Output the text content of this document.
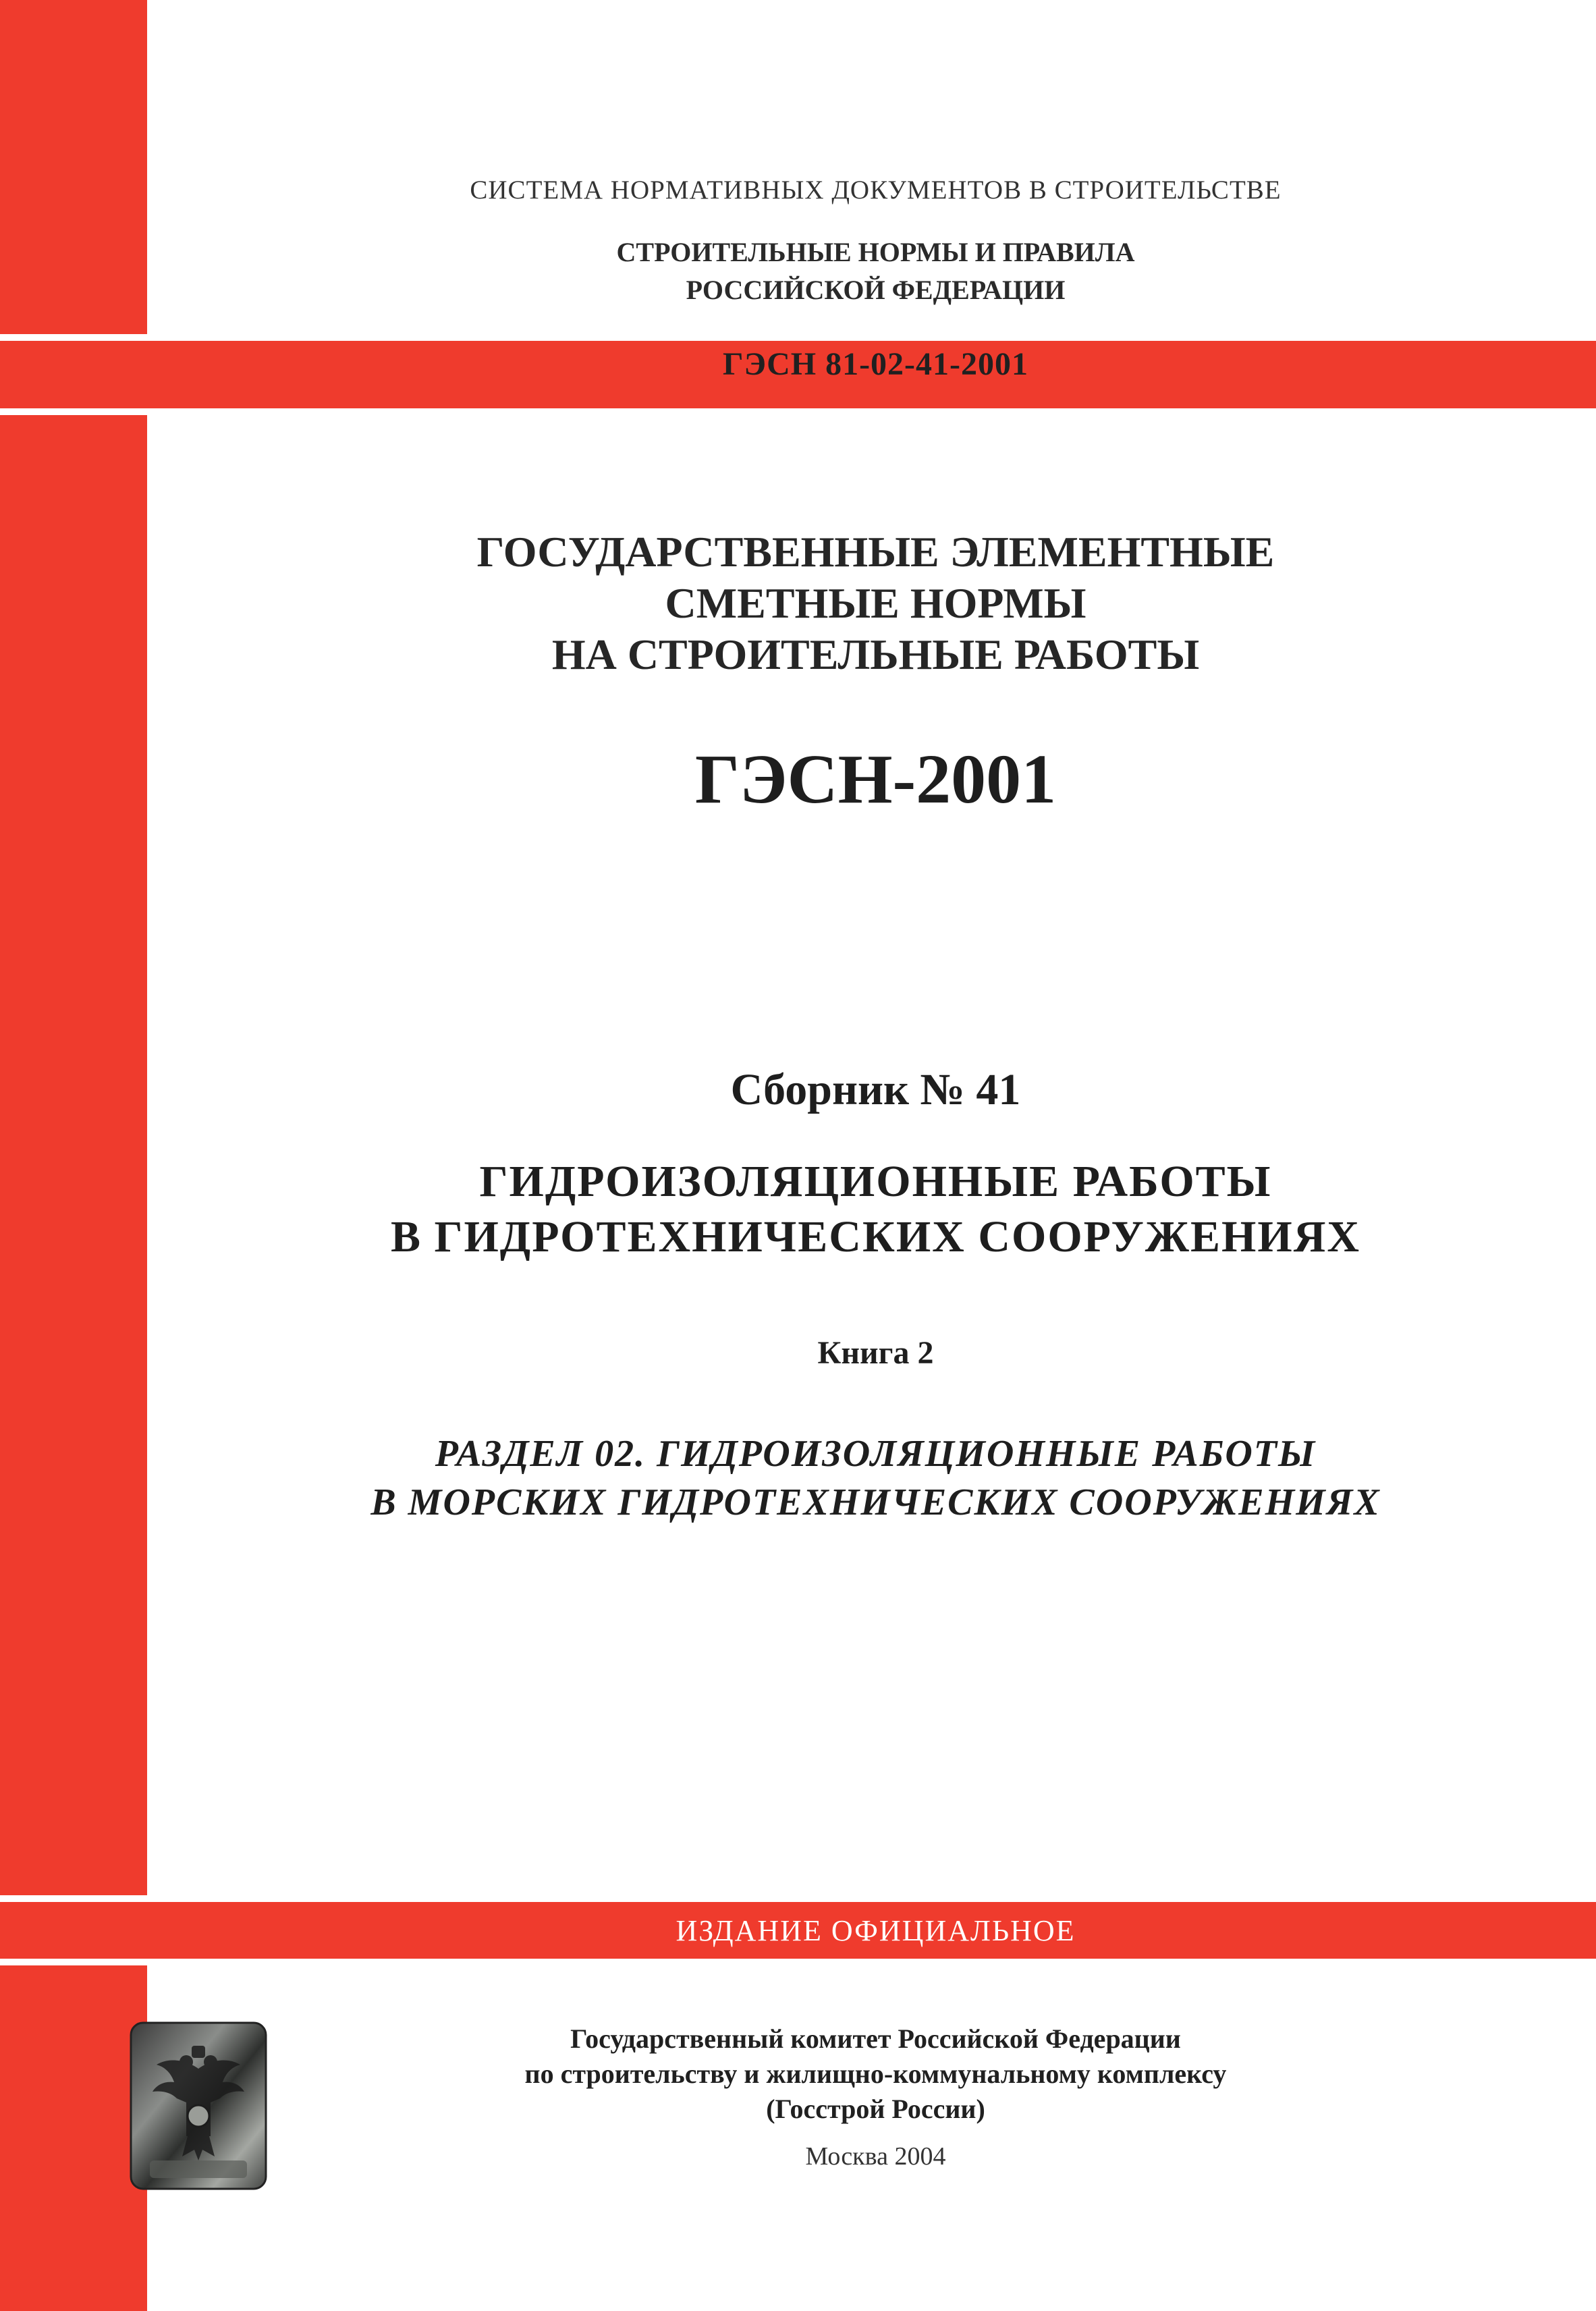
СИСТЕМА НОРМАТИВНЫХ ДОКУМЕНТОВ В СТРОИТЕЛЬСТВЕ
СТРОИТЕЛЬНЫЕ НОРМЫ И ПРАВИЛА
РОССИЙСКОЙ ФЕДЕРАЦИИ
ГЭСН 81-02-41-2001
ГОСУДАРСТВЕННЫЕ ЭЛЕМЕНТНЫЕ
СМЕТНЫЕ НОРМЫ
НА СТРОИТЕЛЬНЫЕ РАБОТЫ
ГЭСН-2001
Сборник № 41
ГИДРОИЗОЛЯЦИОННЫЕ РАБОТЫ
В ГИДРОТЕХНИЧЕСКИХ СООРУЖЕНИЯХ
Книга 2
РАЗДЕЛ 02. ГИДРОИЗОЛЯЦИОННЫЕ РАБОТЫ
В МОРСКИХ ГИДРОТЕХНИЧЕСКИХ СООРУЖЕНИЯХ
ИЗДАНИЕ ОФИЦИАЛЬНОЕ
Государственный комитет Российской Федерации
по строительству и жилищно-коммунальному комплексу
(Госстрой России)
Москва 2004
